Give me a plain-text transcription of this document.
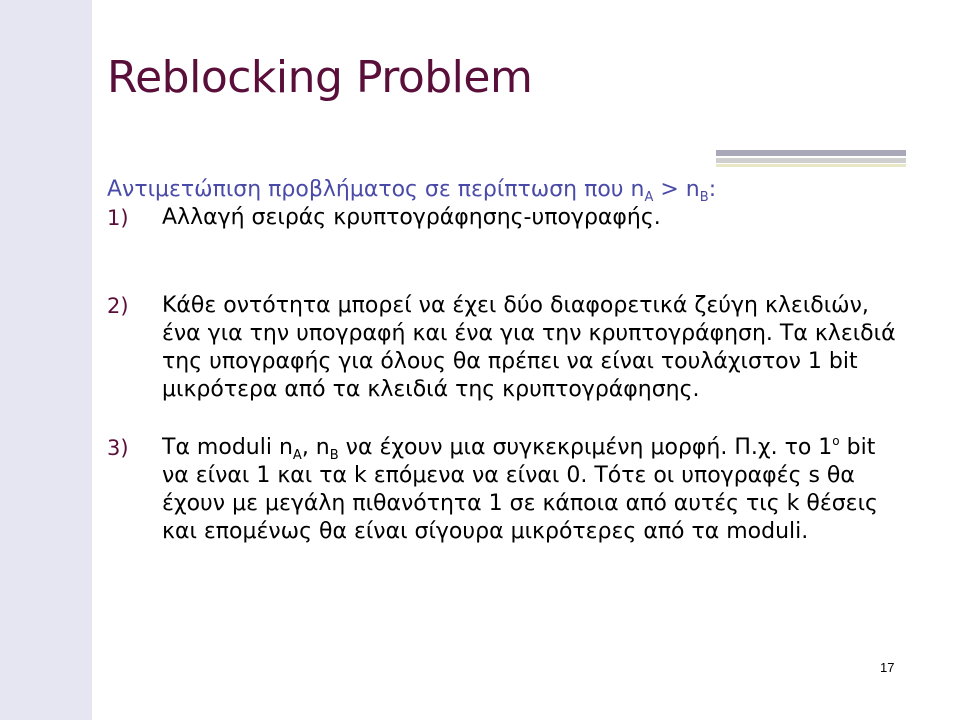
Reblocking Problem
Αντιμετώπιση προβλήματος σε περίπτωση που $n_A > n_B$:
1) Αλλαγή σειράς κρυπτογράφησης-υπογραφής.
2) Κάθε οντότητα μπορεί να έχει δύο διαφορετικά ζεύγη κλειδιών, ένα για την υπογραφή και ένα για την κρυπτογράφηση. Τα κλειδιά της υπογραφής για όλους θα πρέπει να είναι τουλάχιστον 1 bit μικρότερα από τα κλειδιά της κρυπτογράφησης.
3) Τα moduli $n_A$, $n_B$ να έχουν μια συγκεκριμένη μορφή. Π.χ. το $1^o$ bit να είναι 1 και τα k επόμενα να είναι 0. Τότε οι υπογραφές s θα έχουν με μεγάλη πιθανότητα 1 σε κάποια από αυτές τις k θέσεις και επομένως θα είναι σίγουρα μικρότερες από τα moduli.
17
